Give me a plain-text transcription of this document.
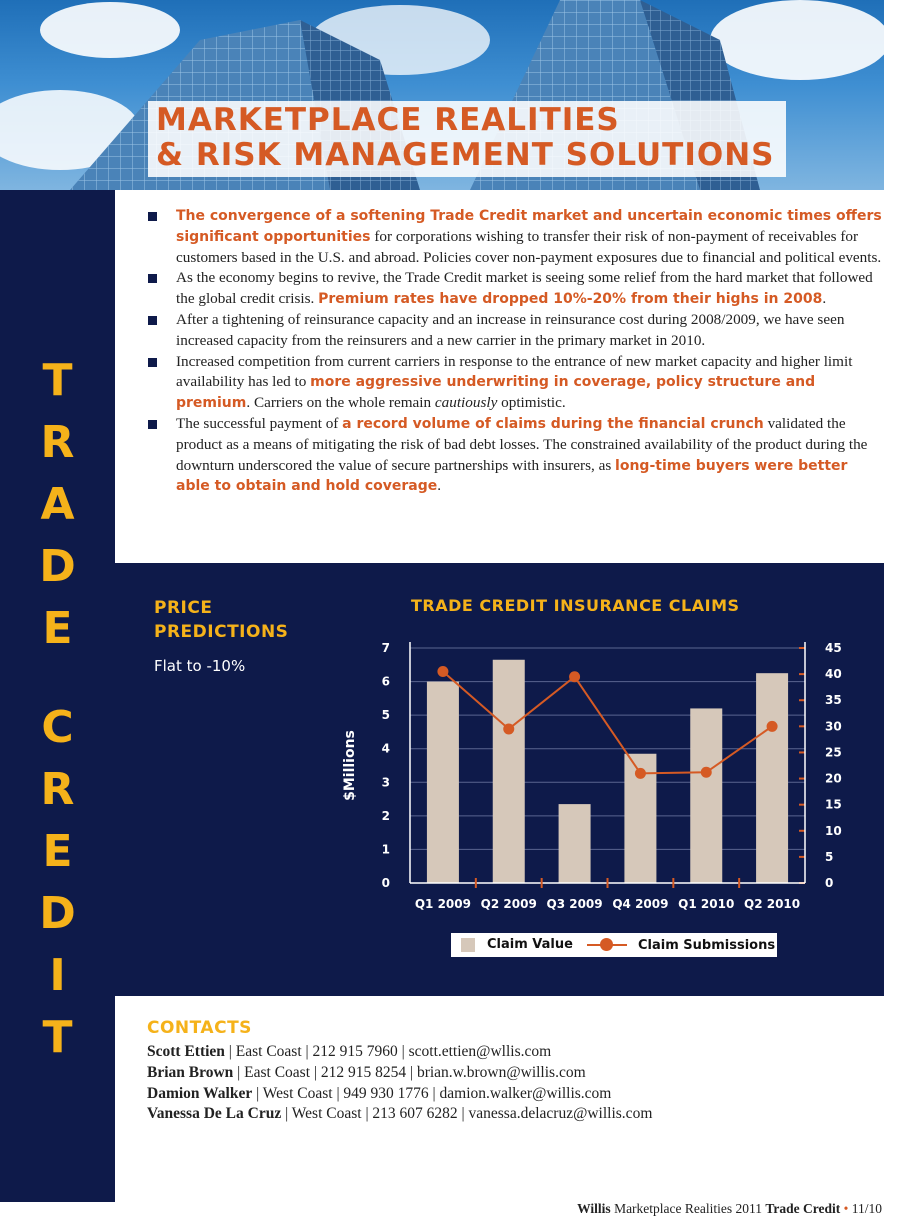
MARKETPLACE REALITIES
& RISK MANAGEMENT SOLUTIONS
T
R
A
D
E
C
R
E
D
I
T
The convergence of a softening Trade Credit market and uncertain economic times offers significant opportunities for corporations wishing to transfer their risk of non-payment of receivables for customers based in the U.S. and abroad. Policies cover non-payment exposures due to financial and political events.
As the economy begins to revive, the Trade Credit market is seeing some relief from the hard market that followed the global credit crisis. Premium rates have dropped 10%-20% from their highs in 2008.
After a tightening of reinsurance capacity and an increase in reinsurance cost during 2008/2009, we have seen increased capacity from the reinsurers and a new carrier in the primary market in 2010.
Increased competition from current carriers in response to the entrance of new market capacity and higher limit availability has led to more aggressive underwriting in coverage, policy structure and premium. Carriers on the whole remain cautiously optimistic.
The successful payment of a record volume of claims during the financial crunch validated the product as a means of mitigating the risk of bad debt losses. The constrained availability of the product during the downturn underscored the value of secure partnerships with insurers, as long-time buyers were better able to obtain and hold coverage.
PRICE PREDICTIONS
Flat to -10%
TRADE CREDIT INSURANCE CLAIMS
0
1
2
3
4
5
6
7
0
5
10
15
20
25
30
35
40
45
Q1 2009 Q2 2009 Q3 2009 Q4 2009 Q1 2010 Q2 2010
$Millions
Claim Value	Claim Submissions
CONTACTS
Scott Ettien | East Coast | 212 915 7960 | scott.ettien@wllis.com
Brian Brown | East Coast | 212 915 8254 | brian.w.brown@willis.com
Damion Walker | West Coast | 949 930 1776 | damion.walker@willis.com
Vanessa De La Cruz | West Coast | 213 607 6282 | vanessa.delacruz@willis.com
Willis Marketplace Realities 2011 Trade Credit • 11/10
